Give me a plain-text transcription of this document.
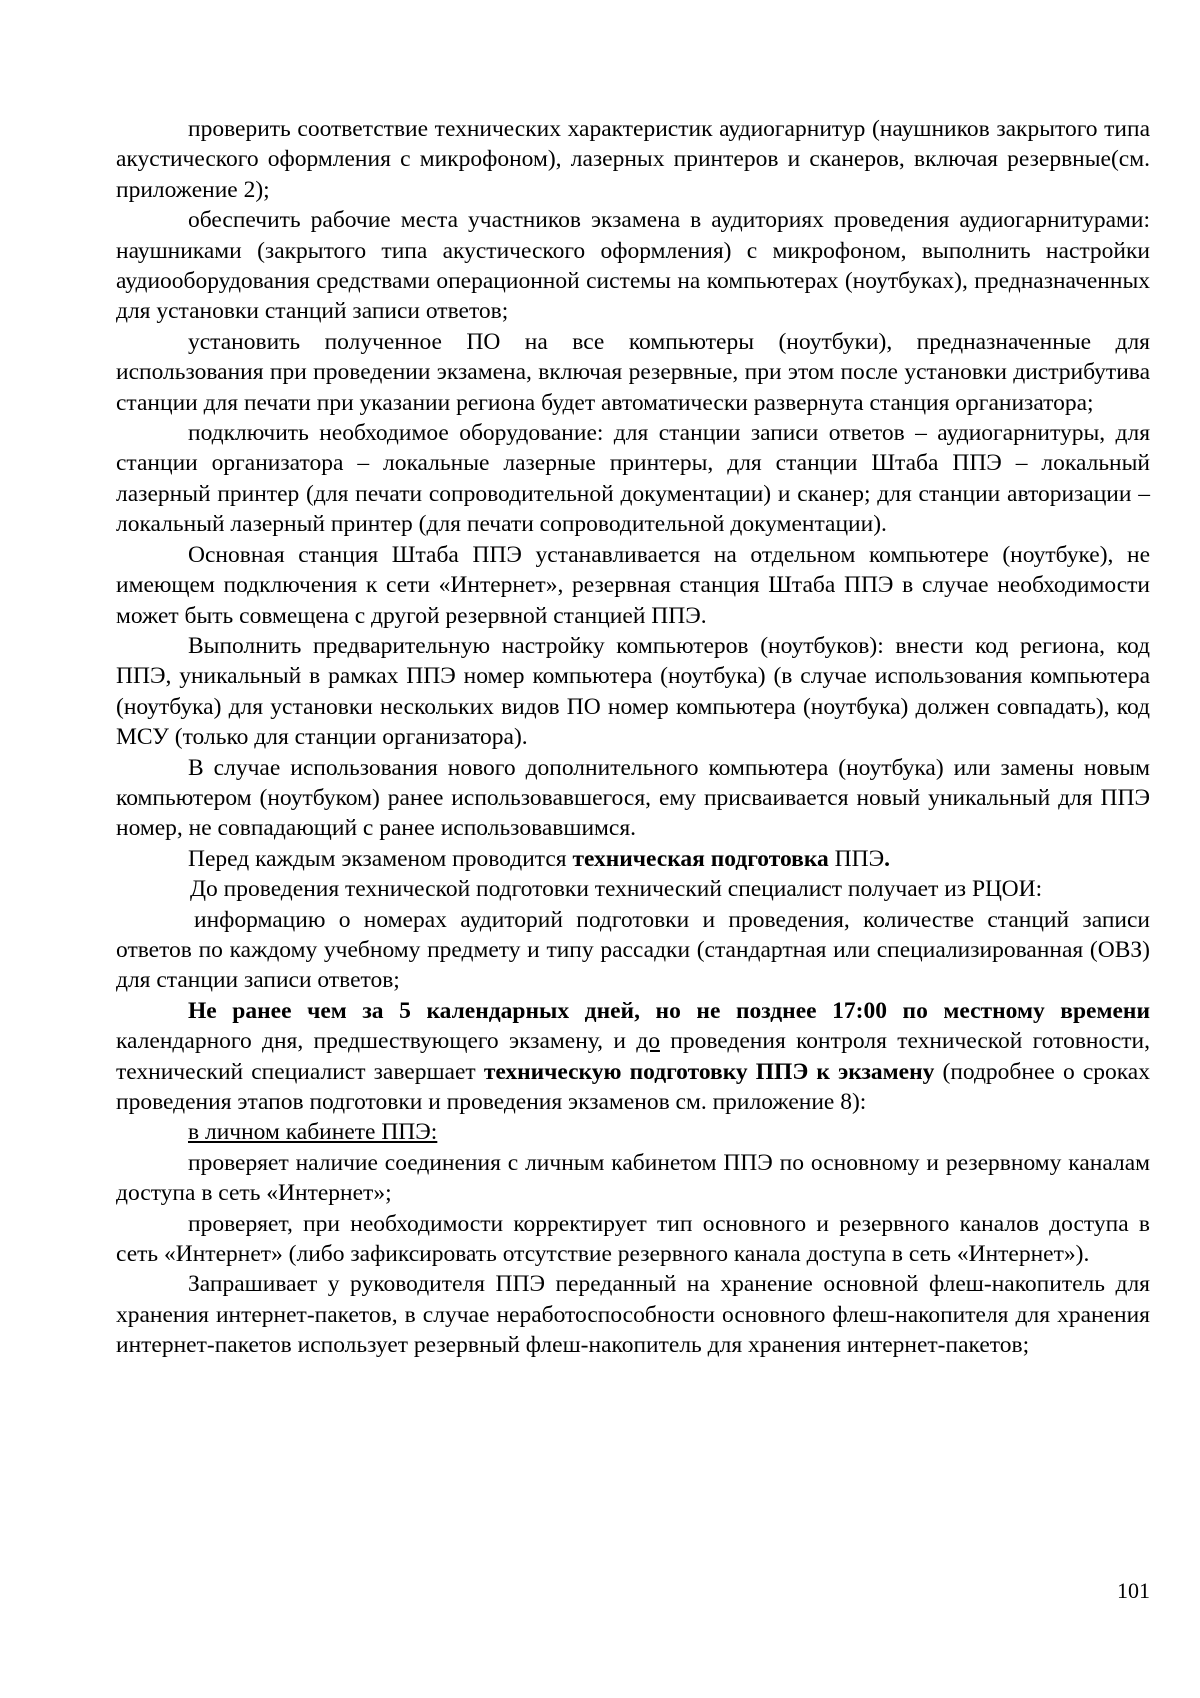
проверить соответствие технических характеристик аудиогарнитур (наушников закрытого типа акустического оформления с микрофоном), лазерных принтеров и сканеров, включая резервные(см. приложение 2);

обеспечить рабочие места участников экзамена в аудиториях проведения аудиогарнитурами: наушниками (закрытого типа акустического оформления) с микрофоном, выполнить настройки аудиооборудования средствами операционной системы на компьютерах (ноутбуках), предназначенных для установки станций записи ответов;

установить полученное ПО на все компьютеры (ноутбуки), предназначенные для использования при проведении экзамена, включая резервные, при этом после установки дистрибутива станции для печати при указании региона будет автоматически развернута станция организатора;

подключить необходимое оборудование: для станции записи ответов – аудиогарнитуры, для станции организатора – локальные лазерные принтеры, для станции Штаба ППЭ – локальный лазерный принтер (для печати сопроводительной документации) и сканер; для станции авторизации – локальный лазерный принтер (для печати сопроводительной документации).

Основная станция Штаба ППЭ устанавливается на отдельном компьютере (ноутбуке), не имеющем подключения к сети «Интернет», резервная станция Штаба ППЭ в случае необходимости может быть совмещена с другой резервной станцией ППЭ.

Выполнить предварительную настройку компьютеров (ноутбуков): внести код региона, код ППЭ, уникальный в рамках ППЭ номер компьютера (ноутбука) (в случае использования компьютера (ноутбука) для установки нескольких видов ПО номер компьютера (ноутбука) должен совпадать), код МСУ (только для станции организатора).

В случае использования нового дополнительного компьютера (ноутбука) или замены новым компьютером (ноутбуком) ранее использовавшегося, ему присваивается новый уникальный для ППЭ номер, не совпадающий с ранее использовавшимся.

Перед каждым экзаменом проводится техническая подготовка ППЭ.

До проведения технической подготовки технический специалист получает из РЦОИ:

информацию о номерах аудиторий подготовки и проведения, количестве станций записи ответов по каждому учебному предмету и типу рассадки (стандартная или специализированная (ОВЗ) для станции записи ответов;

Не ранее чем за 5 календарных дней, но не позднее 17:00 по местному времени календарного дня, предшествующего экзамену, и до проведения контроля технической готовности, технический специалист завершает техническую подготовку ППЭ к экзамену (подробнее о сроках проведения этапов подготовки и проведения экзаменов см. приложение 8):

в личном кабинете ППЭ:

проверяет наличие соединения с личным кабинетом ППЭ по основному и резервному каналам доступа в сеть «Интернет»;

проверяет, при необходимости корректирует тип основного и резервного каналов доступа в сеть «Интернет» (либо зафиксировать отсутствие резервного канала доступа в сеть «Интернет»).

Запрашивает у руководителя ППЭ переданный на хранение основной флеш-накопитель для хранения интернет-пакетов, в случае неработоспособности основного флеш-накопителя для хранения интернет-пакетов использует резервный флеш-накопитель для хранения интернет-пакетов;

101
